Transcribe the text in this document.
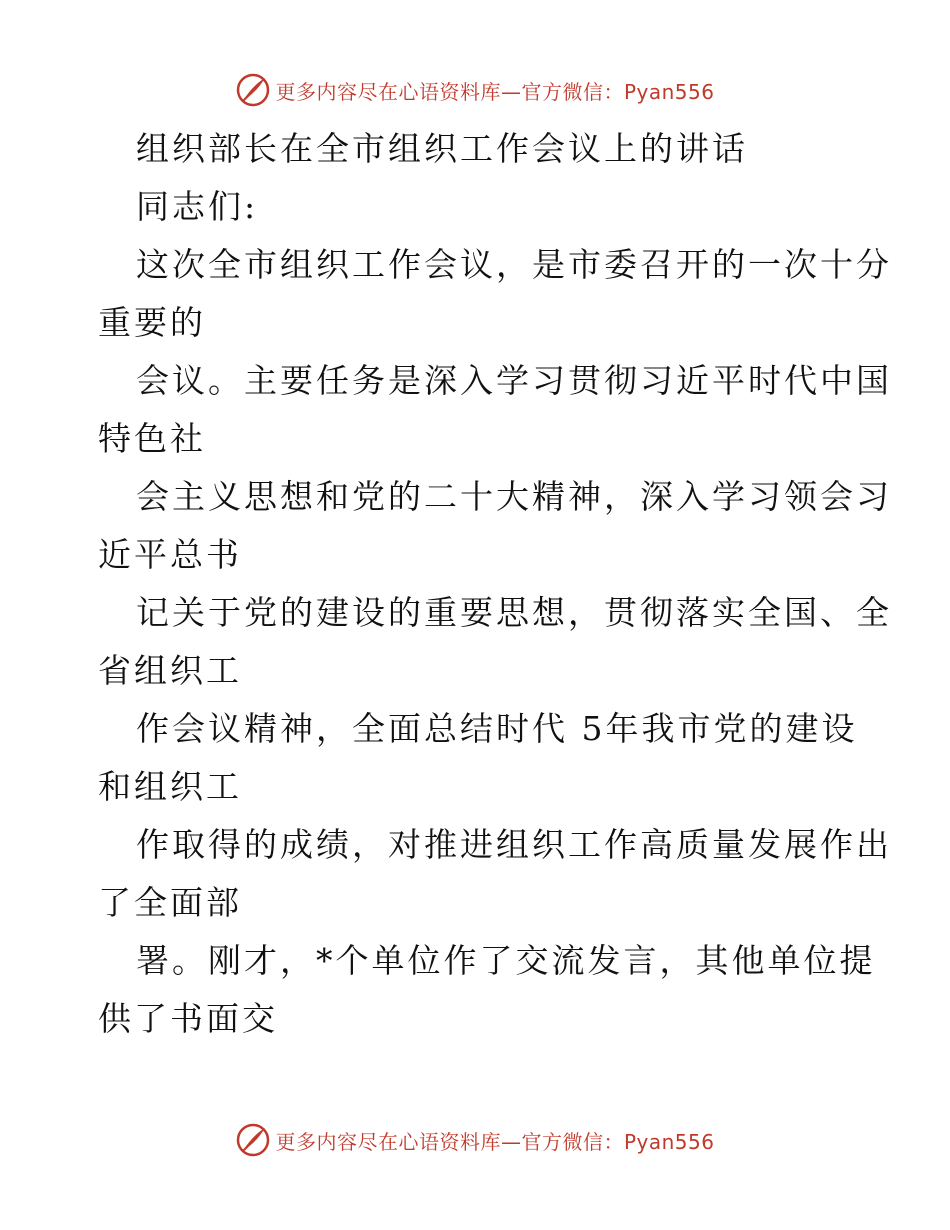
更多内容尽在心语资料库—官方微信：Pyan556
组织部长在全市组织工作会议上的讲话
同志们:
这次全市组织工作会议，是市委召开的一次十分
重要的
会议。主要任务是深入学习贯彻习近平时代中国
特色社
会主义思想和党的二十大精神，深入学习领会习
近平总书
记关于党的建设的重要思想，贯彻落实全国、全
省组织工
作会议精神，全面总结时代 5年我市党的建设
和组织工
作取得的成绩，对推进组织工作高质量发展作出
了全面部
署。刚才，*个单位作了交流发言，其他单位提
供了书面交
更多内容尽在心语资料库—官方微信：Pyan556
